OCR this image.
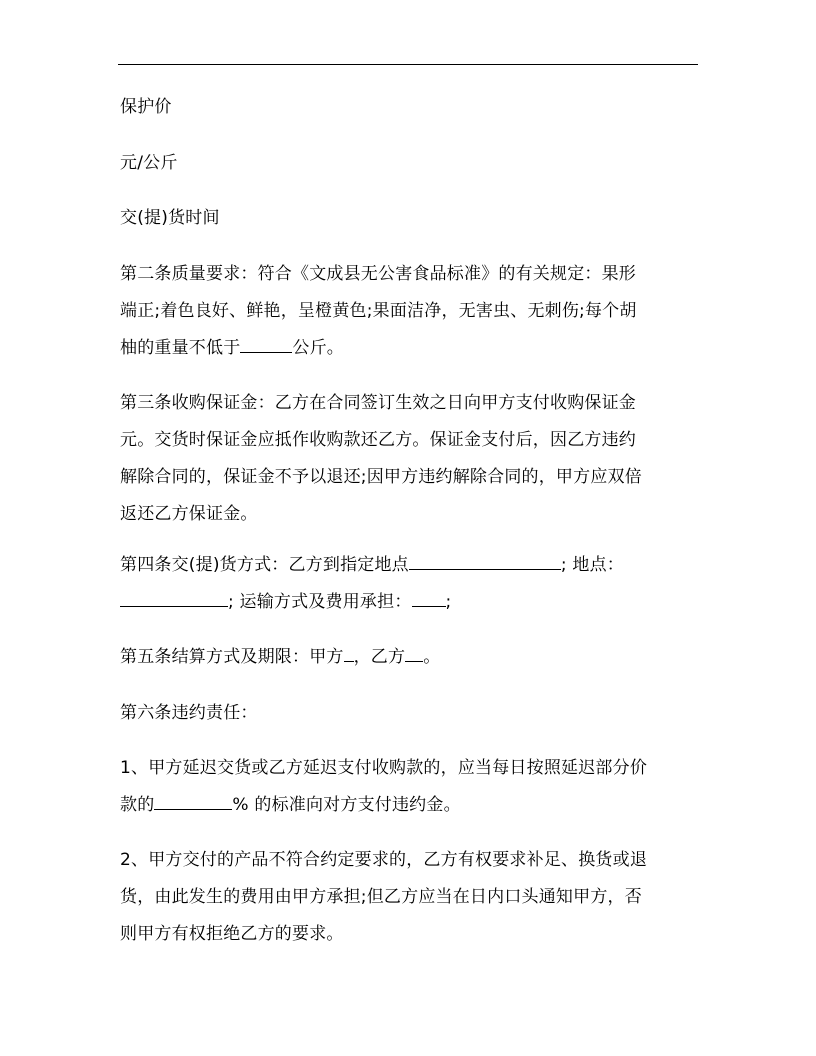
保护价

元/公斤

交(提)货时间

第二条质量要求：符合《文成县无公害食品标准》的有关规定：果形
端正;着色良好、鲜艳，呈橙黄色;果面洁净，无害虫、无刺伤;每个胡
柚的重量不低于	公斤。

第三条收购保证金：乙方在合同签订生效之日向甲方支付收购保证金
元。交货时保证金应抵作收购款还乙方。保证金支付后，因乙方违约
解除合同的，保证金不予以退还;因甲方违约解除合同的，甲方应双倍
返还乙方保证金。

第四条交(提)货方式：乙方到指定地点	; 地点：
; 运输方式及费用承担： ;

第五条结算方式及期限：甲方 ，乙方 。

第六条违约责任：

1、甲方延迟交货或乙方延迟支付收购款的，应当每日按照延迟部分价
款的	% 的标准向对方支付违约金。

2、甲方交付的产品不符合约定要求的，乙方有权要求补足、换货或退
货，由此发生的费用由甲方承担;但乙方应当在日内口头通知甲方，否
则甲方有权拒绝乙方的要求。
